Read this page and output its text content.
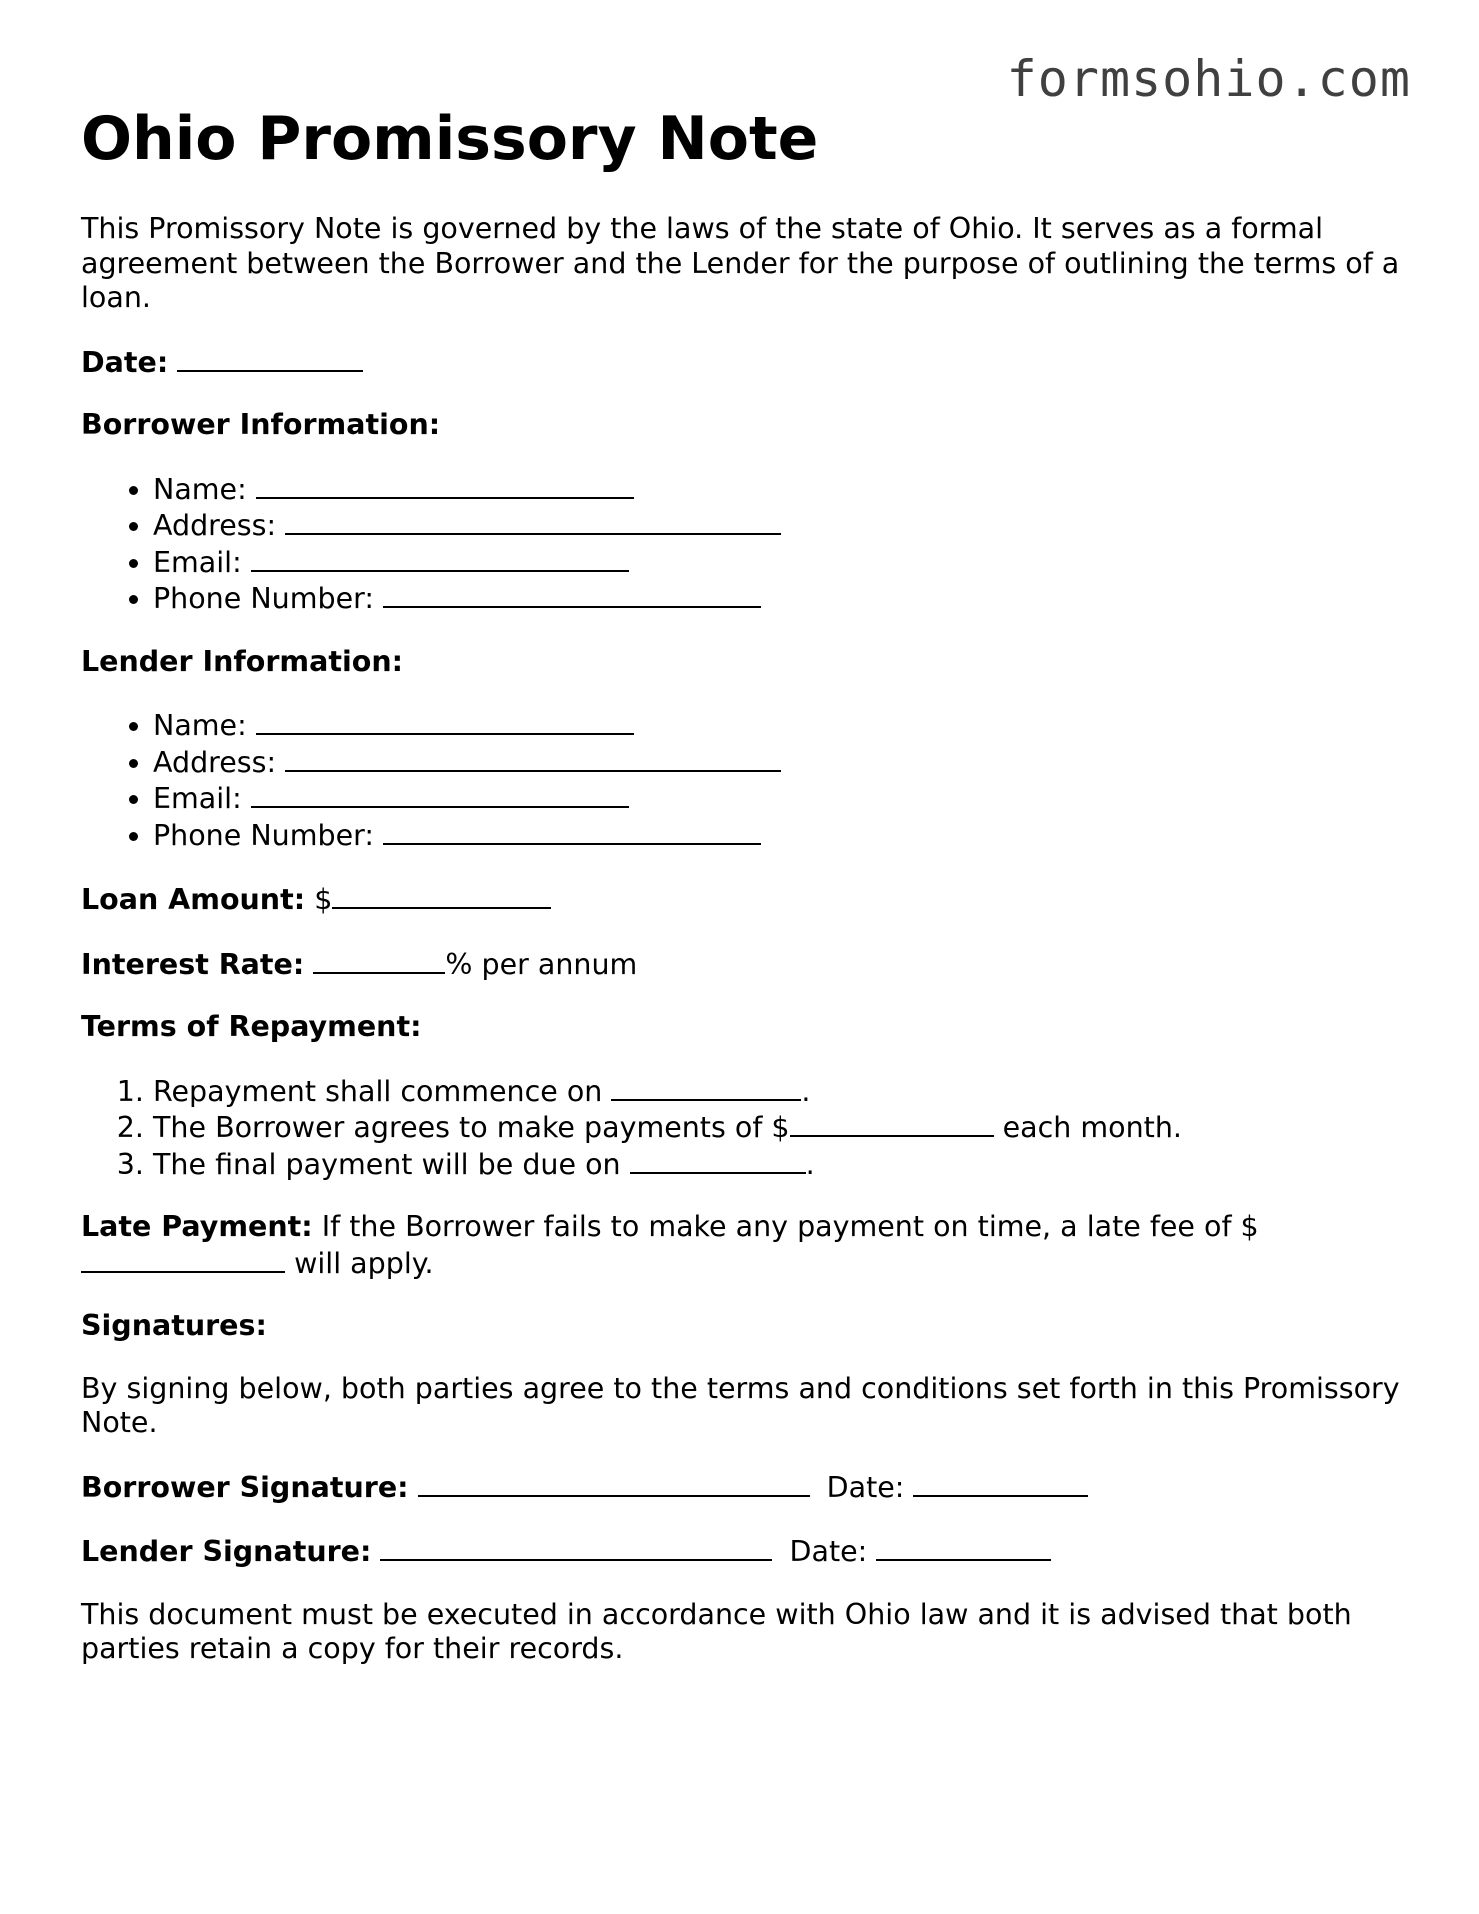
formsohio.com
Ohio Promissory Note

This Promissory Note is governed by the laws of the state of Ohio. It serves as a formal agreement between the Borrower and the Lender for the purpose of outlining the terms of a loan.

Date:

Borrower Information:

• Name:
• Address:
• Email:
• Phone Number:

Lender Information:

• Name:
• Address:
• Email:
• Phone Number:

Loan Amount: $

Interest Rate:	% per annum

Terms of Repayment:

1. Repayment shall commence on	.
2. The Borrower agrees to make payments of $	each month.
3. The final payment will be due on	.

Late Payment: If the Borrower fails to make any payment on time, a late fee of $ will apply.

Signatures:

By signing below, both parties agree to the terms and conditions set forth in this Promissory Note.

Borrower Signature:	Date:

Lender Signature:	Date:

This document must be executed in accordance with Ohio law and it is advised that both parties retain a copy for their records.
